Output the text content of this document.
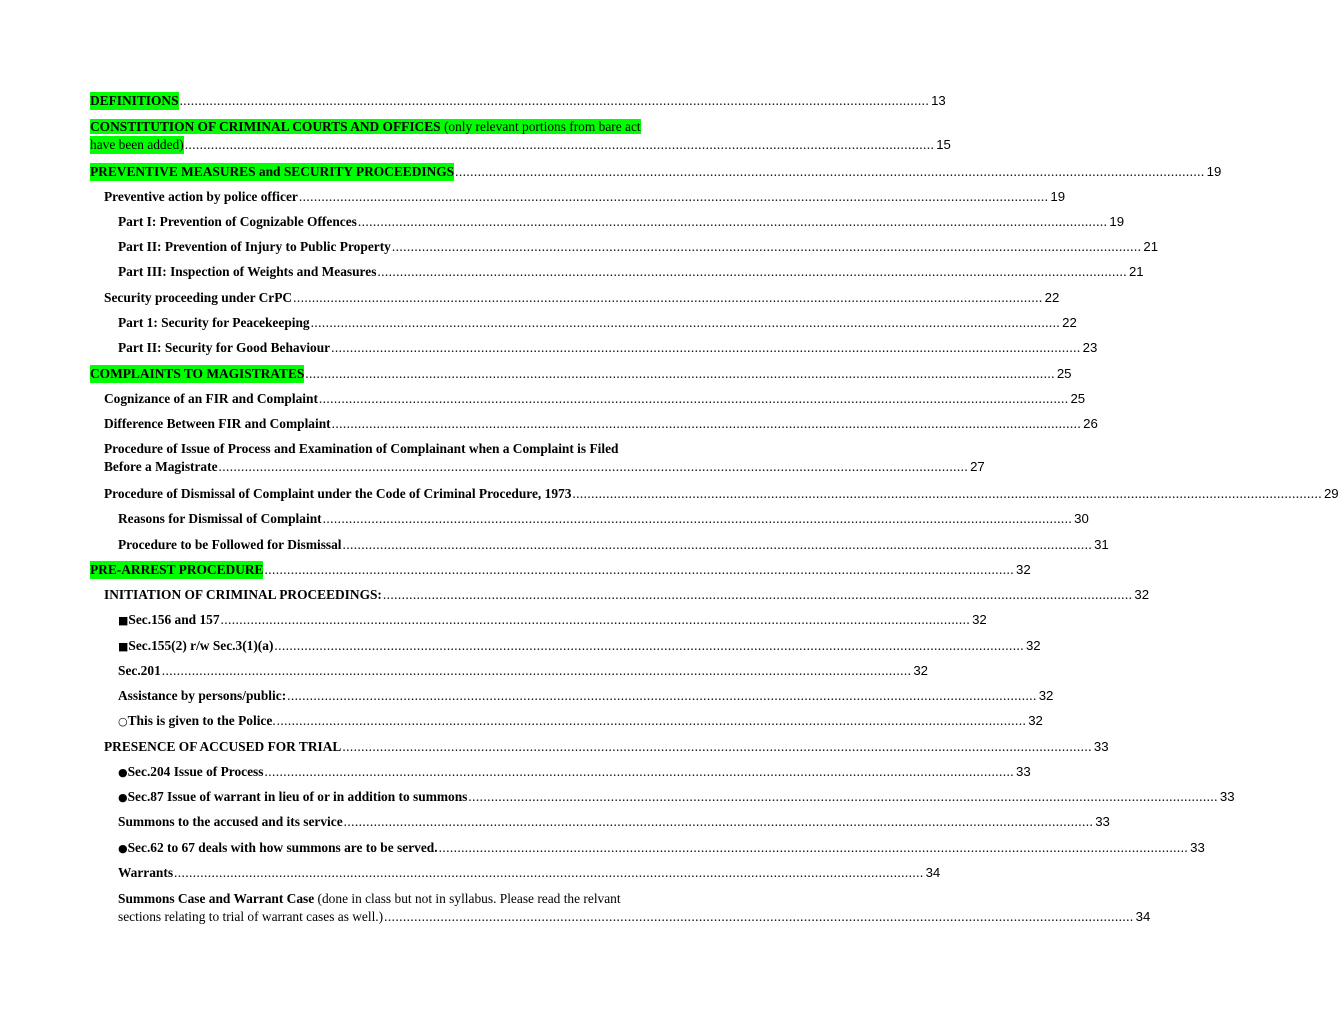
DEFINITIONS .....	13
CONSTITUTION OF CRIMINAL COURTS AND OFFICES (only relevant portions from bare act
have been added) .....	15
PREVENTIVE MEASURES and SECURITY PROCEEDINGS .....	19
Preventive action by police officer .....	19
Part I: Prevention of Cognizable Offences .....	19
Part II: Prevention of Injury to Public Property .....	21
Part III: Inspection of Weights and Measures .....	21
Security proceeding under CrPC .....	22
Part 1: Security for Peacekeeping .....	22
Part II: Security for Good Behaviour .....	23
COMPLAINTS TO MAGISTRATES .....	25
Cognizance of an FIR and Complaint .....	25
Difference Between FIR and Complaint .....	26
Procedure of Issue of Process and Examination of Complainant when a Complaint is Filed
Before a Magistrate .....	27
Procedure of Dismissal of Complaint under the Code of Criminal Procedure, 1973 .....	29
Reasons for Dismissal of Complaint .....	30
Procedure to be Followed for Dismissal .....	31
PRE-ARREST PROCEDURE .....	32
INITIATION OF CRIMINAL PROCEEDINGS: .....	32
■ Sec.156 and 157 .....	32
■ Sec.155(2) r/w Sec.3(1)(a) .....	32
Sec.201 .....	32
Assistance by persons/public: .....	32
○ This is given to the Police . .....	32
PRESENCE OF ACCUSED FOR TRIAL .....	33
● Sec.204 Issue of Process .....	33
● Sec.87 Issue of warrant in lieu of or in addition to summons .....	33
Summons to the accused and its service .....	33
● Sec.62 to 67 deals with how summons are to be served. .....	33
Warrants .....	34
Summons Case and Warrant Case (done in class but not in syllabus. Please read the relvant
sections relating to trial of warrant cases as well.) .....	34
